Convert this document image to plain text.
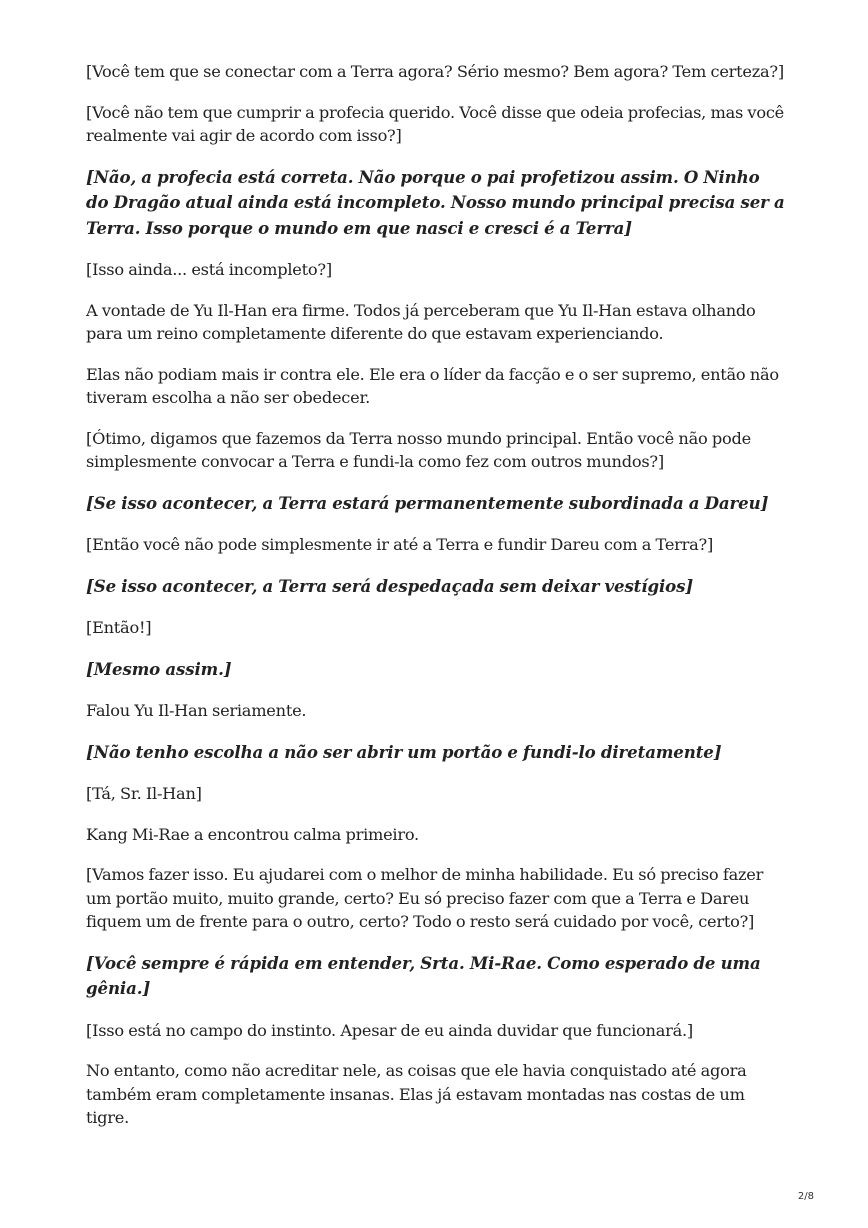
[Você tem que se conectar com a Terra agora? Sério mesmo? Bem agora? Tem certeza?]

[Você não tem que cumprir a profecia querido. Você disse que odeia profecias, mas você realmente vai agir de acordo com isso?]

[Não, a profecia está correta. Não porque o pai profetizou assim. O Ninho do Dragão atual ainda está incompleto. Nosso mundo principal precisa ser a Terra. Isso porque o mundo em que nasci e cresci é a Terra]

[Isso ainda... está incompleto?]

A vontade de Yu Il-Han era firme. Todos já perceberam que Yu Il-Han estava olhando para um reino completamente diferente do que estavam experienciando.

Elas não podiam mais ir contra ele. Ele era o líder da facção e o ser supremo, então não tiveram escolha a não ser obedecer.

[Ótimo, digamos que fazemos da Terra nosso mundo principal. Então você não pode simplesmente convocar a Terra e fundi-la como fez com outros mundos?]

[Se isso acontecer, a Terra estará permanentemente subordinada a Dareu]

[Então você não pode simplesmente ir até a Terra e fundir Dareu com a Terra?]

[Se isso acontecer, a Terra será despedaçada sem deixar vestígios]

[Então!]

[Mesmo assim.]

Falou Yu Il-Han seriamente.

[Não tenho escolha a não ser abrir um portão e fundi-lo diretamente]

[Tá, Sr. Il-Han]

Kang Mi-Rae a encontrou calma primeiro.

[Vamos fazer isso. Eu ajudarei com o melhor de minha habilidade. Eu só preciso fazer um portão muito, muito grande, certo? Eu só preciso fazer com que a Terra e Dareu fiquem um de frente para o outro, certo? Todo o resto será cuidado por você, certo?]

[Você sempre é rápida em entender, Srta. Mi-Rae. Como esperado de uma gênia.]

[Isso está no campo do instinto. Apesar de eu ainda duvidar que funcionará.]

No entanto, como não acreditar nele, as coisas que ele havia conquistado até agora também eram completamente insanas. Elas já estavam montadas nas costas de um tigre.

2/8
